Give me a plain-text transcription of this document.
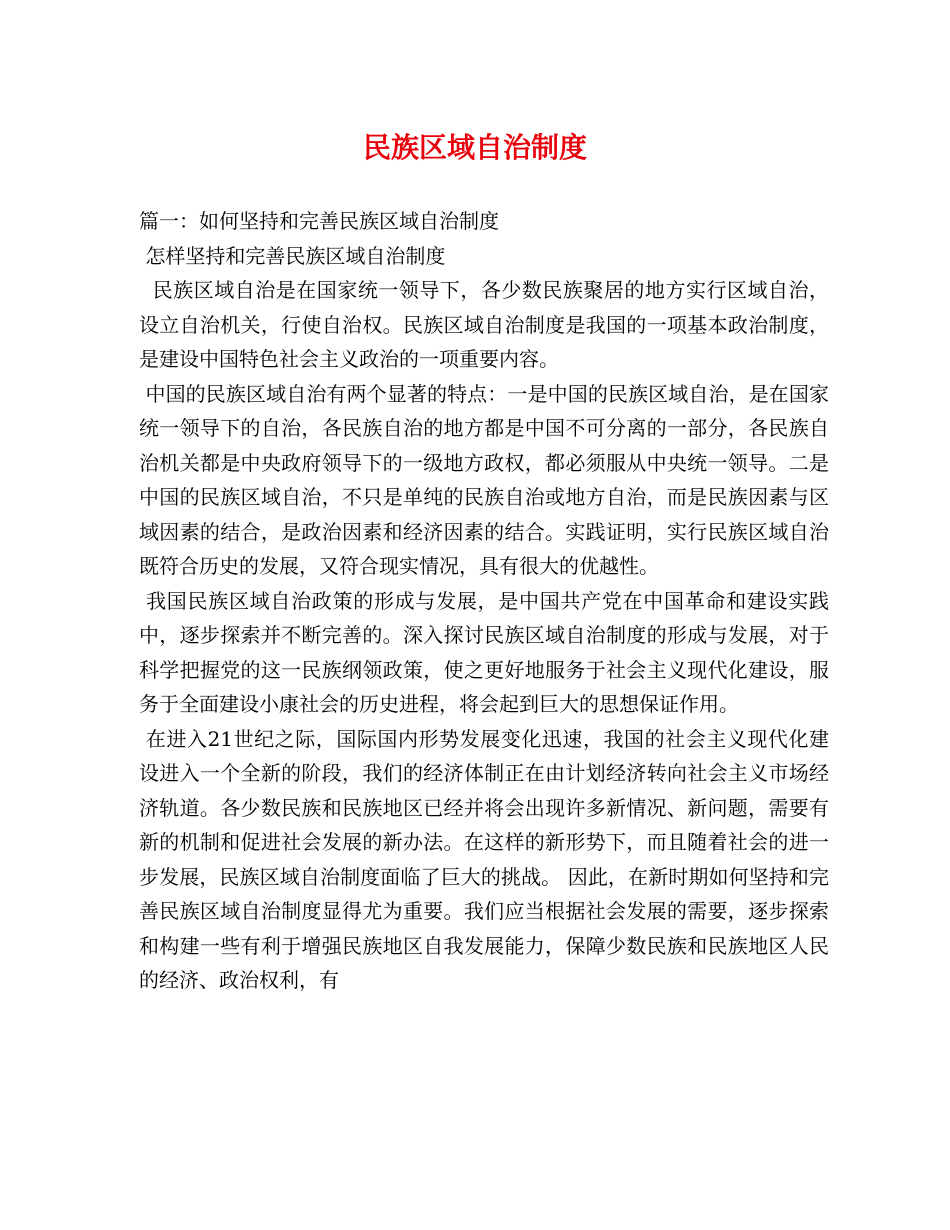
民族区域自治制度

篇一：如何坚持和完善民族区域自治制度

怎样坚持和完善民族区域自治制度

民族区域自治是在国家统一领导下，各少数民族聚居的地方实行区域自治，设立自治机关，行使自治权。民族区域自治制度是我国的一项基本政治制度，是建设中国特色社会主义政治的一项重要内容。

中国的民族区域自治有两个显著的特点：一是中国的民族区域自治，是在国家统一领导下的自治，各民族自治的地方都是中国不可分离的一部分，各民族自治机关都是中央政府领导下的一级地方政权，都必须服从中央统一领导。二是中国的民族区域自治，不只是单纯的民族自治或地方自治，而是民族因素与区域因素的结合，是政治因素和经济因素的结合。实践证明，实行民族区域自治既符合历史的发展，又符合现实情况，具有很大的优越性。

我国民族区域自治政策的形成与发展，是中国共产党在中国革命和建设实践中，逐步探索并不断完善的。深入探讨民族区域自治制度的形成与发展，对于科学把握党的这一民族纲领政策，使之更好地服务于社会主义现代化建设，服务于全面建设小康社会的历史进程，将会起到巨大的思想保证作用。

在进入21世纪之际，国际国内形势发展变化迅速，我国的社会主义现代化建设进入一个全新的阶段，我们的经济体制正在由计划经济转向社会主义市场经济轨道。各少数民族和民族地区已经并将会出现许多新情况、新问题，需要有新的机制和促进社会发展的新办法。在这样的新形势下，而且随着社会的进一步发展，民族区域自治制度面临了巨大的挑战。 因此，在新时期如何坚持和完善民族区域自治制度显得尤为重要。我们应当根据社会发展的需要，逐步探索和构建一些有利于增强民族地区自我发展能力，保障少数民族和民族地区人民的经济、政治权利，有
